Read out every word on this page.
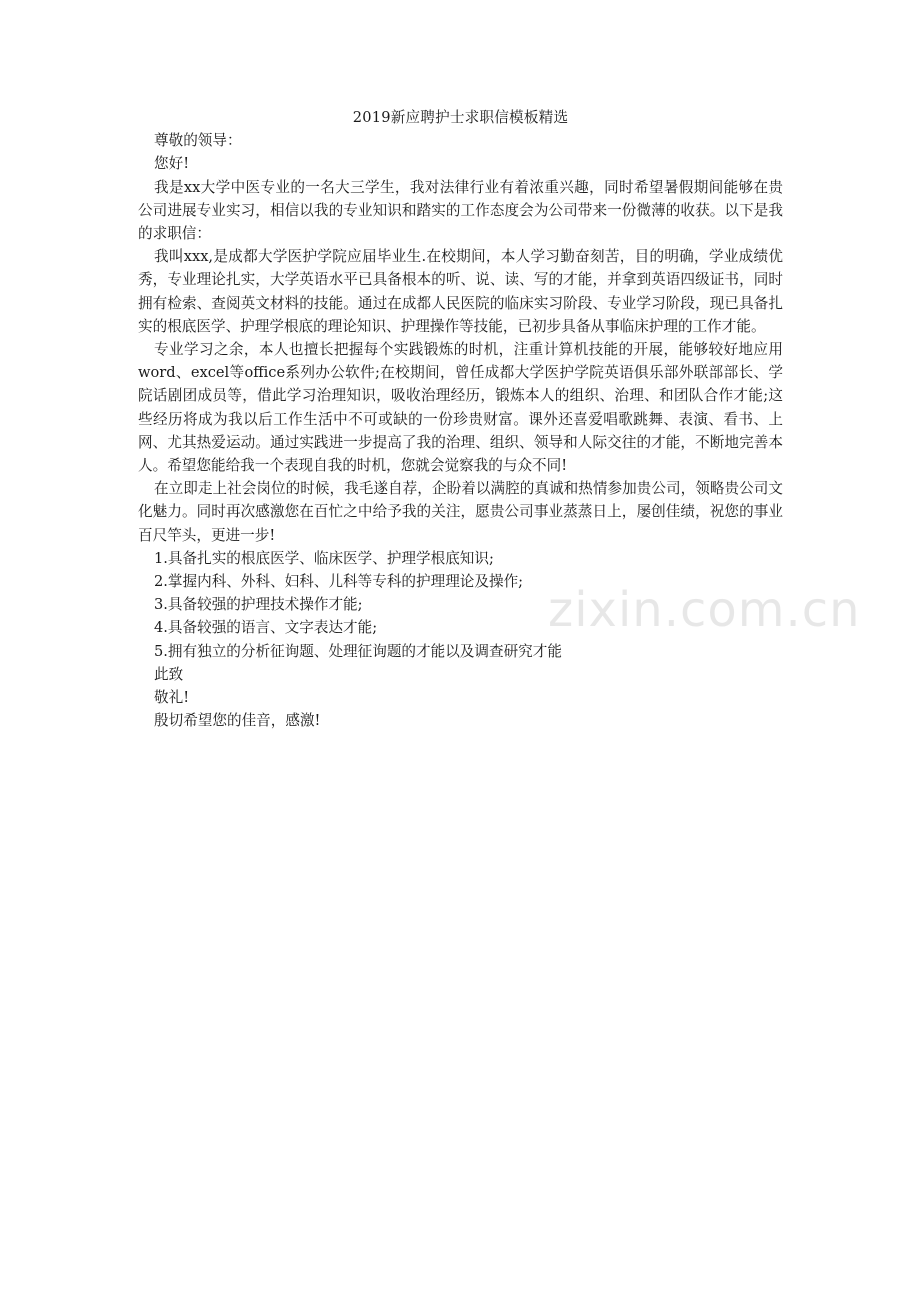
2019新应聘护士求职信模板精选

尊敬的领导：

您好!

我是xx大学中医专业的一名大三学生，我对法律行业有着浓重兴趣，同时希望暑假期间能够在贵公司进展专业实习，相信以我的专业知识和踏实的工作态度会为公司带来一份微薄的收获。以下是我的求职信：

我叫xxx,是成都大学医护学院应届毕业生.在校期间，本人学习勤奋刻苦，目的明确，学业成绩优秀，专业理论扎实，大学英语水平已具备根本的听、说、读、写的才能，并拿到英语四级证书，同时拥有检索、查阅英文材料的技能。通过在成都人民医院的临床实习阶段、专业学习阶段，现已具备扎实的根底医学、护理学根底的理论知识、护理操作等技能，已初步具备从事临床护理的工作才能。

专业学习之余，本人也擅长把握每个实践锻炼的时机，注重计算机技能的开展，能够较好地应用word、excel等office系列办公软件;在校期间，曾任成都大学医护学院英语俱乐部外联部部长、学院话剧团成员等，借此学习治理知识，吸收治理经历，锻炼本人的组织、治理、和团队合作才能;这些经历将成为我以后工作生活中不可或缺的一份珍贵财富。课外还喜爱唱歌跳舞、表演、看书、上网、尤其热爱运动。通过实践进一步提高了我的治理、组织、领导和人际交往的才能，不断地完善本人。希望您能给我一个表现自我的时机，您就会觉察我的与众不同!

在立即走上社会岗位的时候，我毛遂自荐，企盼着以满腔的真诚和热情参加贵公司，领略贵公司文化魅力。同时再次感激您在百忙之中给予我的关注，愿贵公司事业蒸蒸日上，屡创佳绩，祝您的事业百尺竿头，更进一步!

1.具备扎实的根底医学、临床医学、护理学根底知识;

2.掌握内科、外科、妇科、儿科等专科的护理理论及操作;

3.具备较强的护理技术操作才能;

4.具备较强的语言、文字表达才能;

5.拥有独立的分析征询题、处理征询题的才能以及调查研究才能

此致

敬礼!

殷切希望您的佳音，感激!

zixin.com.cn
